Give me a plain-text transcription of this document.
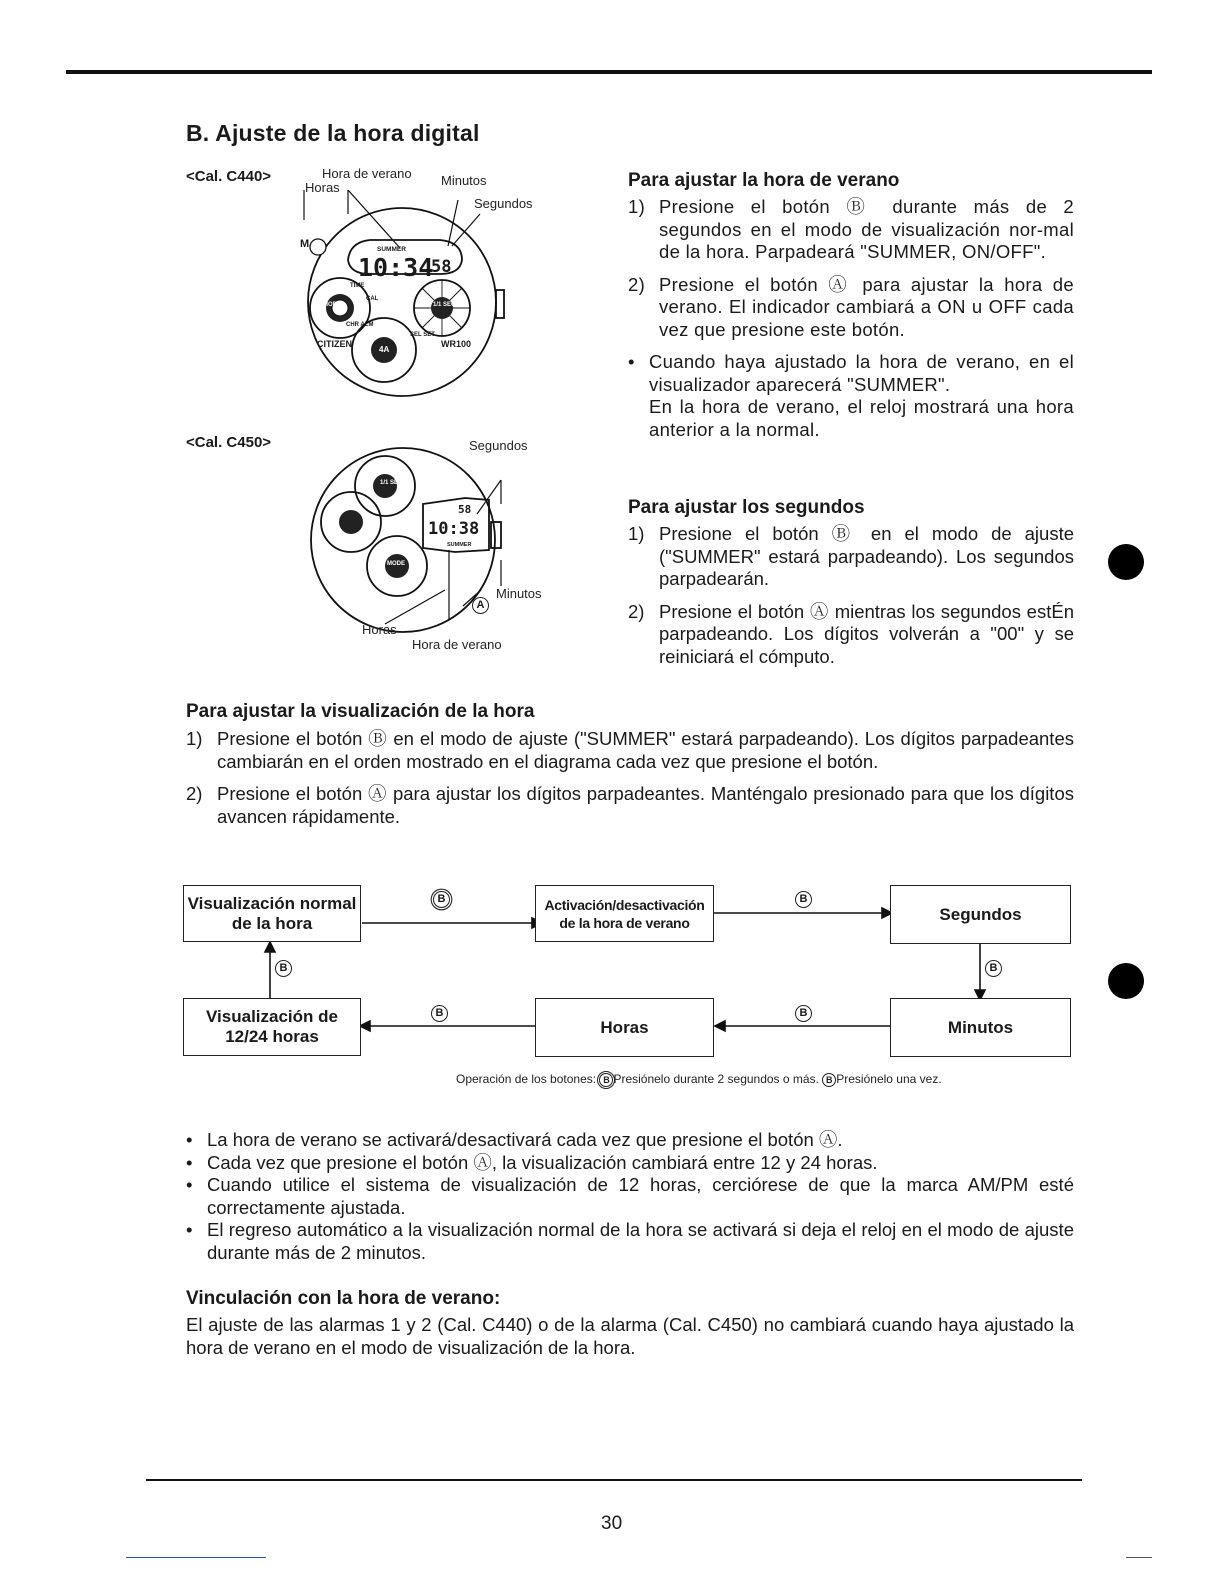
B. Ajuste de la hora digital
<Cal. C440>	Hora de verano
Horas	Minutos
Segundos
M	SUMMER
10:34
58
MODE
TIME
CAL
1/1 SEC
CHR ALM
SEL SET
4A
CITIZEN	WR100
<Cal. C450>	Segundos
1/1 SEC
MODE
58
10:38
SUMMER
Minutos
A
Horas
Hora de verano
Para ajustar la hora de verano
1) Presione el botón Ⓑ durante más de 2 segundos en el modo de visualización nor-mal de la hora. Parpadeará "SUMMER, ON/OFF".
2) Presione el botón Ⓐ para ajustar la hora de verano. El indicador cambiará a ON u OFF cada vez que presione este botón.
• Cuando haya ajustado la hora de verano, en el visualizador aparecerá "SUMMER".
En la hora de verano, el reloj mostrará una hora anterior a la normal.
Para ajustar los segundos
1) Presione el botón Ⓑ en el modo de ajuste ("SUMMER" estará parpadeando). Los segundos parpadearán.
2) Presione el botón Ⓐ mientras los segundos estÉn parpadeando. Los dígitos volverán a "00" y se reiniciará el cómputo.
Para ajustar la visualización de la hora
1) Presione el botón Ⓑ en el modo de ajuste ("SUMMER" estará parpadeando). Los dígitos parpadeantes cambiarán en el orden mostrado en el diagrama cada vez que presione el botón.
2) Presione el botón Ⓐ para ajustar los dígitos parpadeantes. Manténgalo presionado para que los dígitos avancen rápidamente.
Visualización normal de la hora
Activación/desactivación de la hora de verano	Segundos
Visualización de 12/24 horas	Horas	Minutos
B	B
B	B
B	B
Operación de los botones: B Presiónelo durante 2 segundos o más. B Presiónelo una vez.
• La hora de verano se activará/desactivará cada vez que presione el botón Ⓐ.
• Cada vez que presione el botón Ⓐ, la visualización cambiará entre 12 y 24 horas.
• Cuando utilice el sistema de visualización de 12 horas, cerciórese de que la marca AM/PM esté correctamente ajustada.
• El regreso automático a la visualización normal de la hora se activará si deja el reloj en el modo de ajuste durante más de 2 minutos.
Vinculación con la hora de verano:
El ajuste de las alarmas 1 y 2 (Cal. C440) o de la alarma (Cal. C450) no cambiará cuando haya ajustado la hora de verano en el modo de visualización de la hora.
30
